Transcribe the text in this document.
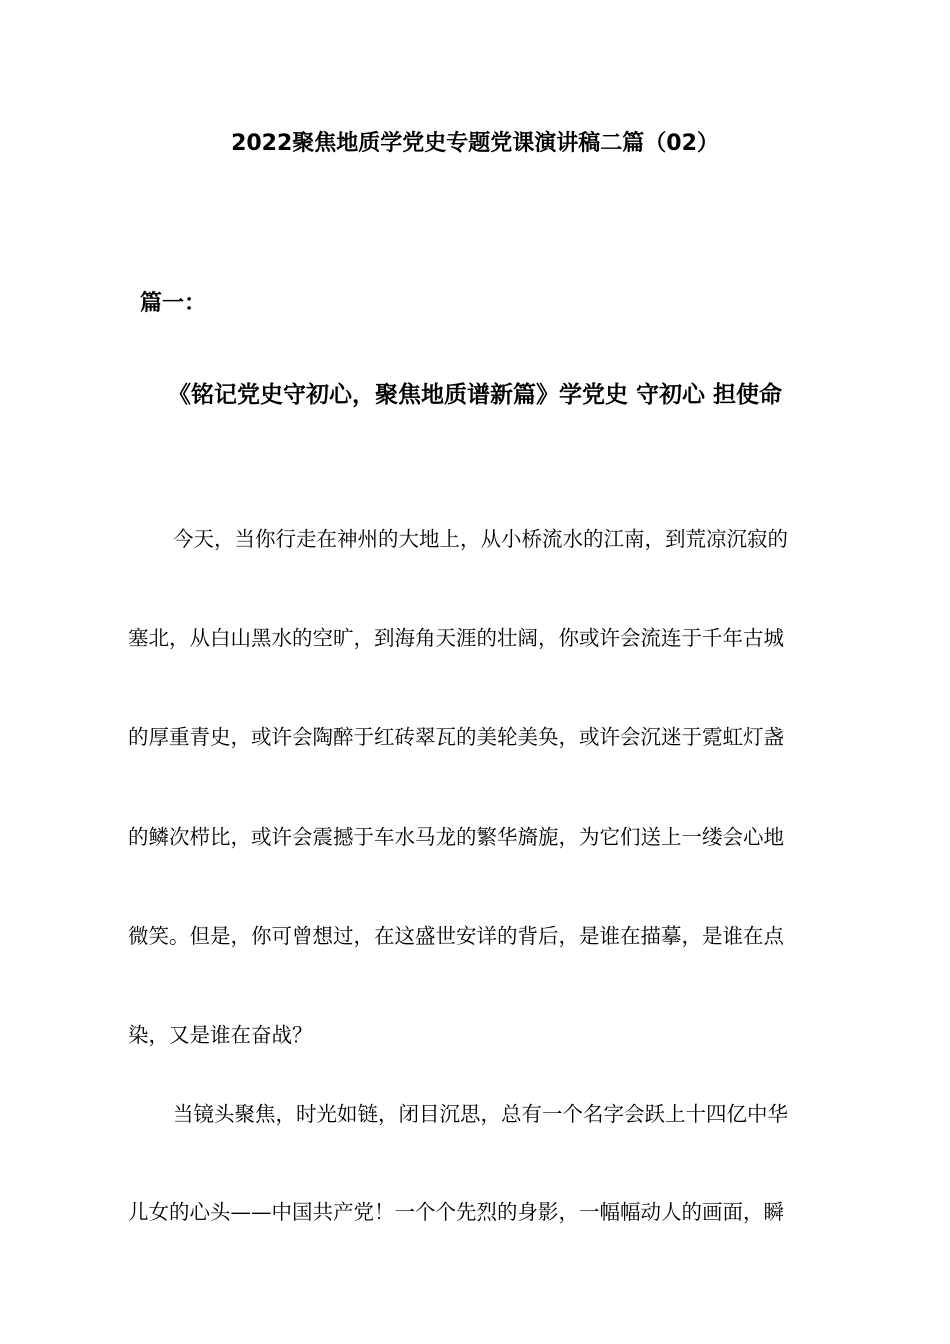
2022聚焦地质学党史专题党课演讲稿二篇（02）
篇一：
《铭记党史守初心，聚焦地质谱新篇》学党史 守初心 担使命
今天，当你行走在神州的大地上，从小桥流水的江南，到荒凉沉寂的
塞北，从白山黑水的空旷，到海角天涯的壮阔，你或许会流连于千年古城
的厚重青史，或许会陶醉于红砖翠瓦的美轮美奂，或许会沉迷于霓虹灯盏
的鳞次栉比，或许会震撼于车水马龙的繁华旖旎，为它们送上一缕会心地
微笑。但是，你可曾想过，在这盛世安详的背后，是谁在描摹，是谁在点
染，又是谁在奋战？
当镜头聚焦，时光如链，闭目沉思，总有一个名字会跃上十四亿中华
儿女的心头——中国共产党！一个个先烈的身影，一幅幅动人的画面，瞬
